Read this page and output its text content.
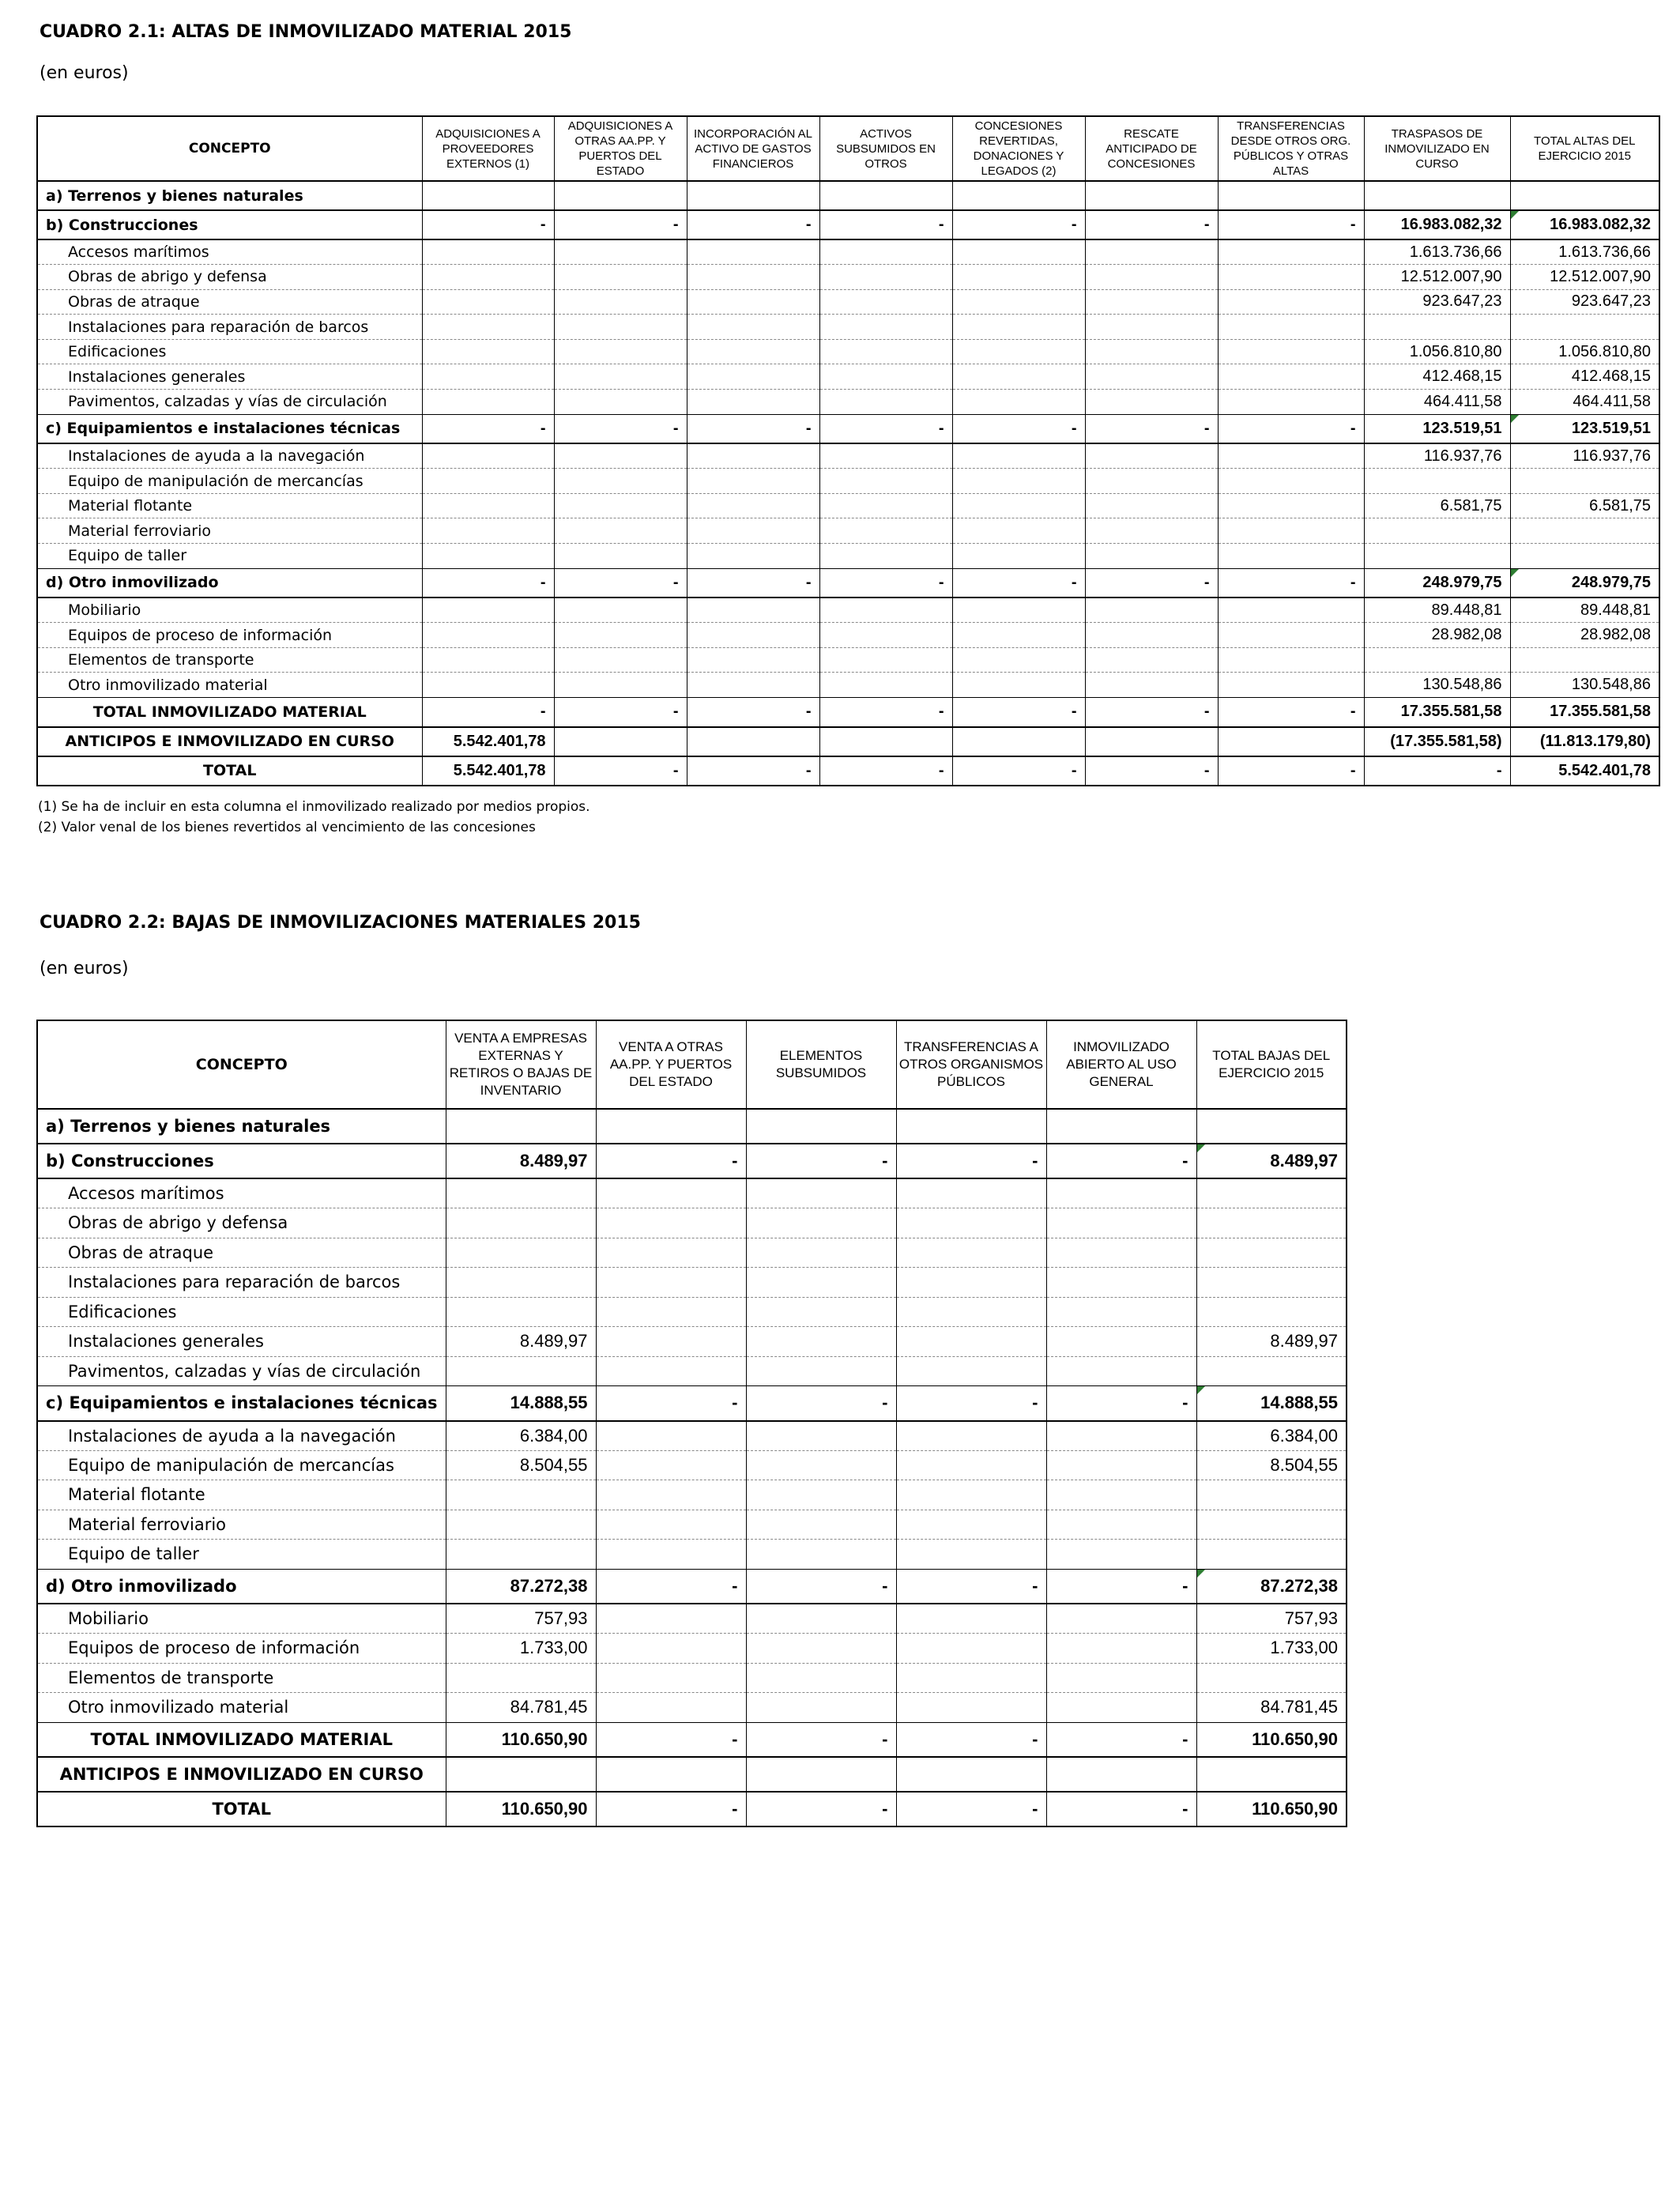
CUADRO 2.1: ALTAS DE INMOVILIZADO MATERIAL 2015
(en euros)
CONCEPTO	ADQUISICIONES A PROVEEDORES EXTERNOS (1)	ADQUISICIONES A OTRAS AA.PP. Y PUERTOS DEL ESTADO	INCORPORACIÓN AL ACTIVO DE GASTOS FINANCIEROS	ACTIVOS SUBSUMIDOS EN OTROS	CONCESIONES REVERTIDAS, DONACIONES Y LEGADOS (2)	RESCATE ANTICIPADO DE CONCESIONES	TRANSFERENCIAS DESDE OTROS ORG. PÚBLICOS Y OTRAS ALTAS	TRASPASOS DE INMOVILIZADO EN CURSO	TOTAL ALTAS DEL EJERCICIO 2015
a) Terrenos y bienes naturales									
b) Construcciones	-	-	-	-	-	-	-	16.983.082,32	16.983.082,32
Accesos marítimos								1.613.736,66	1.613.736,66
Obras de abrigo y defensa								12.512.007,90	12.512.007,90
Obras de atraque								923.647,23	923.647,23
Instalaciones para reparación de barcos									
Edificaciones								1.056.810,80	1.056.810,80
Instalaciones generales								412.468,15	412.468,15
Pavimentos, calzadas y vías de circulación								464.411,58	464.411,58
c) Equipamientos e instalaciones técnicas	-	-	-	-	-	-	-	123.519,51	123.519,51
Instalaciones de ayuda a la navegación								116.937,76	116.937,76
Equipo de manipulación de mercancías									
Material flotante								6.581,75	6.581,75
Material ferroviario									
Equipo de taller									
d) Otro inmovilizado	-	-	-	-	-	-	-	248.979,75	248.979,75
Mobiliario								89.448,81	89.448,81
Equipos de proceso de información								28.982,08	28.982,08
Elementos de transporte									
Otro inmovilizado material								130.548,86	130.548,86
TOTAL INMOVILIZADO MATERIAL	-	-	-	-	-	-	-	17.355.581,58	17.355.581,58
ANTICIPOS E INMOVILIZADO EN CURSO	5.542.401,78							(17.355.581,58)	(11.813.179,80)
TOTAL	5.542.401,78	-	-	-	-	-	-	-	5.542.401,78
(1) Se ha de incluir en esta columna el inmovilizado realizado por medios propios.
(2) Valor venal de los bienes revertidos al vencimiento de las concesiones
CUADRO 2.2: BAJAS DE INMOVILIZACIONES MATERIALES 2015
(en euros)
CONCEPTO	VENTA A EMPRESAS EXTERNAS Y RETIROS O BAJAS DE INVENTARIO	VENTA A OTRAS AA.PP. Y PUERTOS DEL ESTADO	ELEMENTOS SUBSUMIDOS	TRANSFERENCIAS A OTROS ORGANISMOS PÚBLICOS	INMOVILIZADO ABIERTO AL USO GENERAL	TOTAL BAJAS DEL EJERCICIO 2015
a) Terrenos y bienes naturales						
b) Construcciones	8.489,97	-	-	-	-	8.489,97
Accesos marítimos						
Obras de abrigo y defensa						
Obras de atraque						
Instalaciones para reparación de barcos						
Edificaciones						
Instalaciones generales	8.489,97					8.489,97
Pavimentos, calzadas y vías de circulación						
c) Equipamientos e instalaciones técnicas	14.888,55	-	-	-	-	14.888,55
Instalaciones de ayuda a la navegación	6.384,00					6.384,00
Equipo de manipulación de mercancías	8.504,55					8.504,55
Material flotante						
Material ferroviario						
Equipo de taller						
d) Otro inmovilizado	87.272,38	-	-	-	-	87.272,38
Mobiliario	757,93					757,93
Equipos de proceso de información	1.733,00					1.733,00
Elementos de transporte						
Otro inmovilizado material	84.781,45					84.781,45
TOTAL INMOVILIZADO MATERIAL	110.650,90	-	-	-	-	110.650,90
ANTICIPOS E INMOVILIZADO EN CURSO						
TOTAL	110.650,90	-	-	-	-	110.650,90
